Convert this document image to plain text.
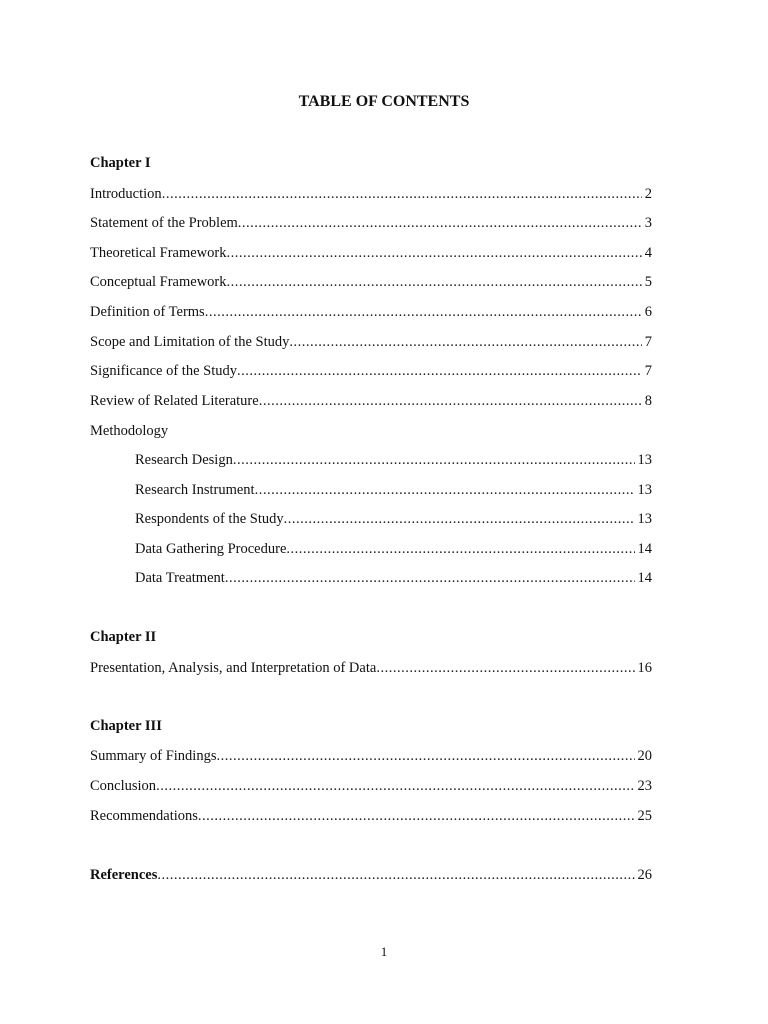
TABLE OF CONTENTS
Chapter I
Introduction .....	2
Statement of the Problem .....	3
Theoretical Framework .....	4
Conceptual Framework .....	5
Definition of Terms .....	6
Scope and Limitation of the Study .....	7
Significance of the Study .....	7
Review of Related Literature .....	8
Methodology
Research Design .....	13
Research Instrument .....	13
Respondents of the Study .....	13
Data Gathering Procedure .....	14
Data Treatment .....	14
Chapter II
Presentation, Analysis, and Interpretation of Data .....	16
Chapter III
Summary of Findings .....	20
Conclusion .....	23
Recommendations .....	25
References .....	26
1
